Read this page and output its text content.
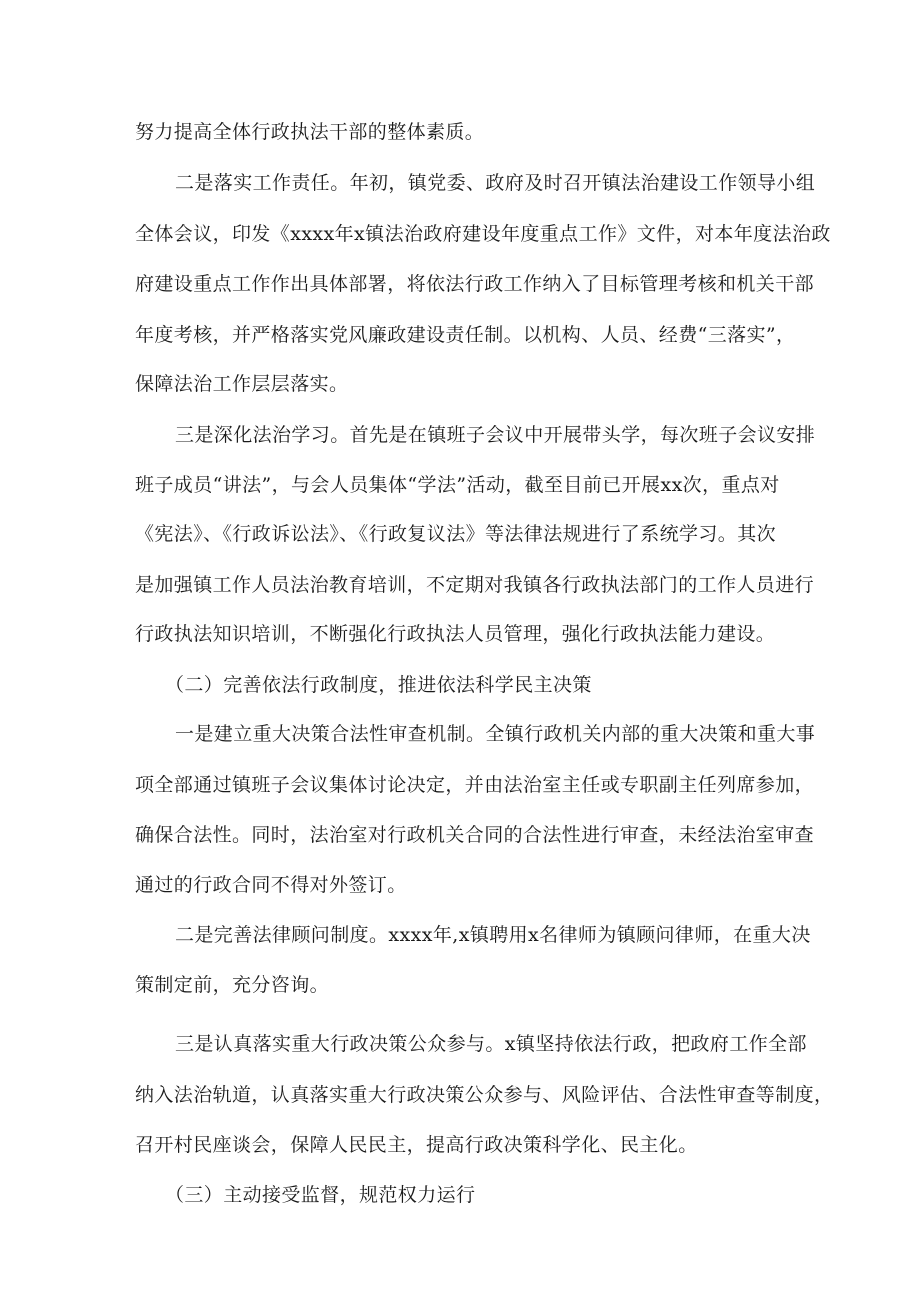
努力提高全体行政执法干部的整体素质。
二是落实工作责任。年初，镇党委、政府及时召开镇法治建设工作领导小组
全体会议，印发《xxxx年x镇法治政府建设年度重点工作》文件，对本年度法治政
府建设重点工作作出具体部署，将依法行政工作纳入了目标管理考核和机关干部
年度考核，并严格落实党风廉政建设责任制。以机构、人员、经费“三落实”，
保障法治工作层层落实。
三是深化法治学习。首先是在镇班子会议中开展带头学，每次班子会议安排
班子成员“讲法”，与会人员集体“学法”活动，截至目前已开展xx次，重点对
《宪法》、《行政诉讼法》、《行政复议法》等法律法规进行了系统学习。其次
是加强镇工作人员法治教育培训，不定期对我镇各行政执法部门的工作人员进行
行政执法知识培训，不断强化行政执法人员管理，强化行政执法能力建设。
（二）完善依法行政制度，推进依法科学民主决策
一是建立重大决策合法性审查机制。全镇行政机关内部的重大决策和重大事
项全部通过镇班子会议集体讨论决定，并由法治室主任或专职副主任列席参加，
确保合法性。同时，法治室对行政机关合同的合法性进行审查，未经法治室审查
通过的行政合同不得对外签订。
二是完善法律顾问制度。xxxx年,x镇聘用x名律师为镇顾问律师，在重大决
策制定前，充分咨询。
三是认真落实重大行政决策公众参与。x镇坚持依法行政，把政府工作全部
纳入法治轨道，认真落实重大行政决策公众参与、风险评估、合法性审查等制度，
召开村民座谈会，保障人民民主，提高行政决策科学化、民主化。
（三）主动接受监督，规范权力运行
